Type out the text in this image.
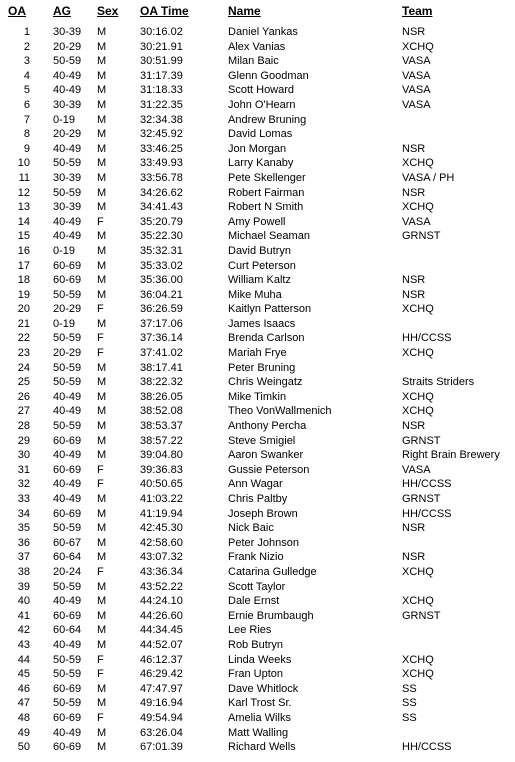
OA AG Sex OA Time	Name	Team
1 30-39 M	30:16.02	Daniel Yankas	NSR
2 20-29 M	30:21.91	Alex Vanias	XCHQ
3 50-59 M	30:51.99	Milan Baic	VASA
4 40-49 M	31:17.39	Glenn Goodman	VASA
5 40-49 M	31:18.33	Scott Howard	VASA
6 30-39 M	31:22.35	John O'Hearn	VASA
7 0-19 M	32:34.38	Andrew Bruning
8 20-29 M	32:45.92	David Lomas
9 40-49 M	33:46.25	Jon Morgan	NSR
10 50-59 M	33:49.93	Larry Kanaby	XCHQ
11 30-39 M	33:56.78	Pete Skellenger	VASA / PH
12 50-59 M	34:26.62	Robert Fairman	NSR
13 30-39 M	34:41.43	Robert N Smith	XCHQ
14 40-49 F	35:20.79	Amy Powell	VASA
15 40-49 M	35:22.30	Michael Seaman	GRNST
16 0-19 M	35:32.31	David Butryn
17 60-69 M	35:33.02	Curt Peterson
18 60-69 M	35:36.00	William Kaltz	NSR
19 50-59 M	36:04.21	Mike Muha	NSR
20 20-29 F	36:26.59	Kaitlyn Patterson	XCHQ
21 0-19 M	37:17.06	James Isaacs
22 50-59 F	37:36.14	Brenda Carlson	HH/CCSS
23 20-29 F	37:41.02	Mariah Frye	XCHQ
24 50-59 M	38:17.41	Peter Bruning
25 50-59 M	38:22.32	Chris Weingatz	Straits Striders
26 40-49 M	38:26.05	Mike Timkin	XCHQ
27 40-49 M	38:52.08	Theo VonWallmenich	XCHQ
28 50-59 M	38:53.37	Anthony Percha	NSR
29 60-69 M	38:57.22	Steve Smigiel	GRNST
30 40-49 M	39:04.80	Aaron Swanker	Right Brain Brewery
31 60-69 F	39:36.83	Gussie Peterson	VASA
32 40-49 F	40:50.65	Ann Wagar	HH/CCSS
33 40-49 M	41:03.22	Chris Paltby	GRNST
34 60-69 M	41:19.94	Joseph Brown	HH/CCSS
35 50-59 M	42:45.30	Nick Baic	NSR
36 60-67 M	42:58.60	Peter Johnson
37 60-64 M	43:07.32	Frank Nizio	NSR
38 20-24 F	43:36.34	Catarina Gulledge	XCHQ
39 50-59 M	43:52.22	Scott Taylor
40 40-49 M	44:24.10	Dale Ernst	XCHQ
41 60-69 M	44:26.60	Ernie Brumbaugh	GRNST
42 60-64 M	44:34.45	Lee Ries
43 40-49 M	44:52.07	Rob Butryn
44 50-59 F	46:12.37	Linda Weeks	XCHQ
45 50-59 F	46:29.42	Fran Upton	XCHQ
46 60-69 M	47:47.97	Dave Whitlock	SS
47 50-59 M	49:16.94	Karl Trost Sr.	SS
48 60-69 F	49:54.94	Amelia Wilks	SS
49 40-49 M	63:26.04	Matt Walling
50 60-69 M	67:01.39	Richard Wells	HH/CCSS
